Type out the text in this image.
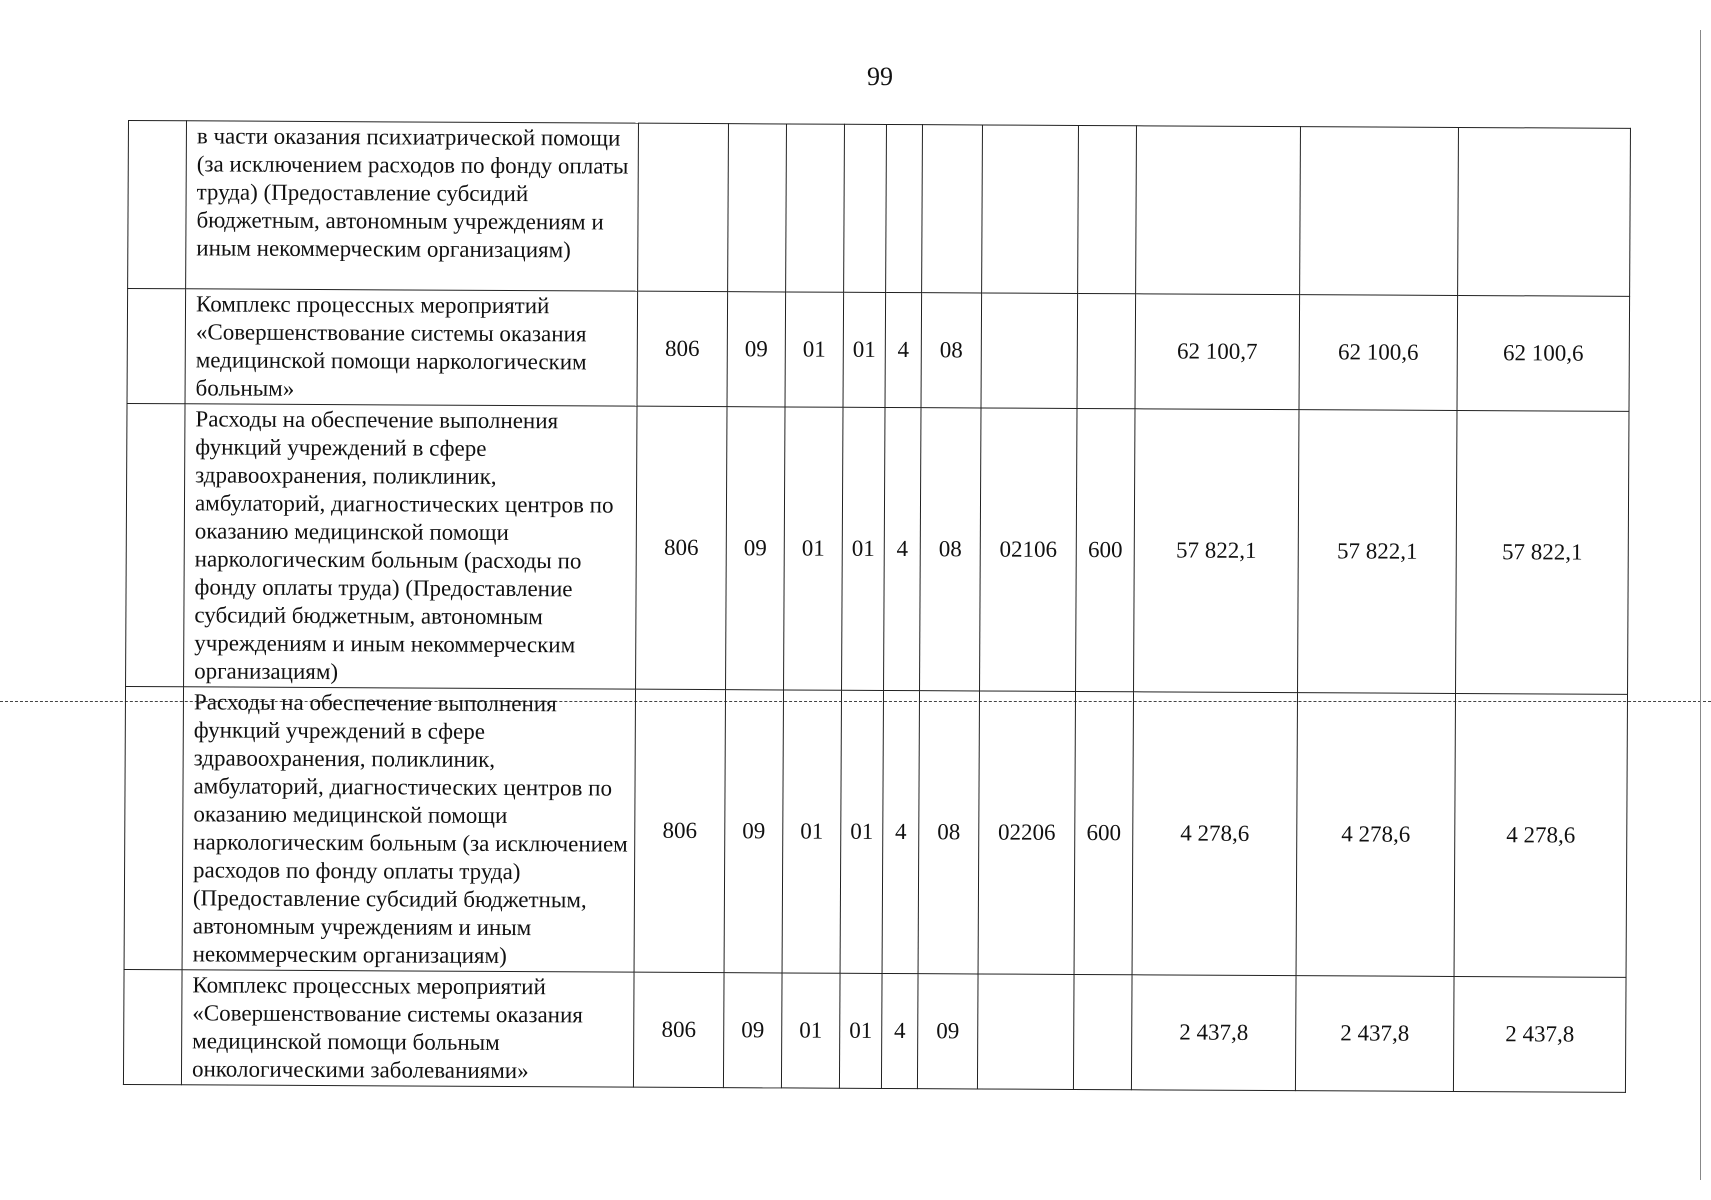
99
	в части оказания психиатрической помощи (за исключением расходов по фонду оплаты труда) (Предоставление субсидий бюджетным, автономным учреждениям и иным некоммерческим организациям)											
	Комплекс процессных мероприятий «Совершенствование системы оказания медицинской помощи наркологическим больным»	806	09	01	01	4	08			62 100,7	62 100,6	62 100,6
	Расходы на обеспечение выполнения функций учреждений в сфере здравоохранения, поликлиник, амбулаторий, диагностических центров по оказанию медицинской помощи наркологическим больным (расходы по фонду оплаты труда) (Предоставление субсидий бюджетным, автономным учреждениям и иным некоммерческим организациям)	806	09	01	01	4	08	02106	600	57 822,1	57 822,1	57 822,1
	Расходы на обеспечение выполнения функций учреждений в сфере здравоохранения, поликлиник, амбулаторий, диагностических центров по оказанию медицинской помощи наркологическим больным (за исключением расходов по фонду оплаты труда) (Предоставление субсидий бюджетным, автономным учреждениям и иным некоммерческим организациям)	806	09	01	01	4	08	02206	600	4 278,6	4 278,6	4 278,6
	Комплекс процессных мероприятий «Совершенствование системы оказания медицинской помощи больным онкологическими заболеваниями»	806	09	01	01	4	09			2 437,8	2 437,8	2 437,8
